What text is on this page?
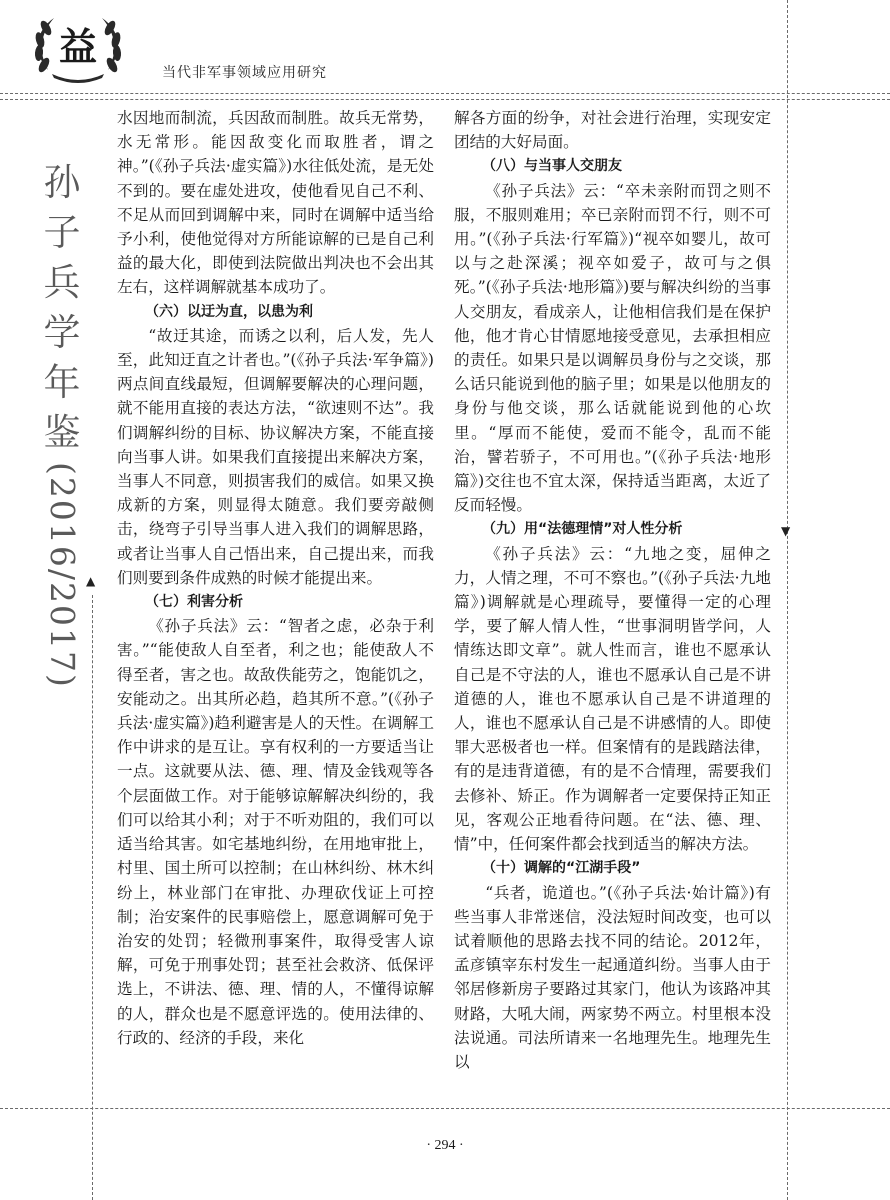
益
当代非军事领域应用研究
孙
子
兵
学
年
鉴
(2016/2017) ▲
▼

水因地而制流，兵因敌而制胜。故兵无常势，水无常形。能因敌变化而取胜者，谓之神。”(《孙子兵法·虚实篇》)水往低处流，是无处不到的。要在虚处进攻，使他看见自己不利、不足从而回到调解中来，同时在调解中适当给予小利，使他觉得对方所能谅解的已是自己利益的最大化，即使到法院做出判决也不会出其左右，这样调解就基本成功了。

（六）以迂为直，以患为利

“故迂其途，而诱之以利，后人发，先人至，此知迂直之计者也。”(《孙子兵法·军争篇》)两点间直线最短，但调解要解决的心理问题，就不能用直接的表达方法，“欲速则不达”。我们调解纠纷的目标、协议解决方案，不能直接向当事人讲。如果我们直接提出来解决方案，当事人不同意，则损害我们的威信。如果又换成新的方案，则显得太随意。我们要旁敲侧击，绕弯子引导当事人进入我们的调解思路，或者让当事人自己悟出来，自己提出来，而我们则要到条件成熟的时候才能提出来。

（七）利害分析

《孙子兵法》云：“智者之虑，必杂于利害。”“能使敌人自至者，利之也；能使敌人不得至者，害之也。故敌佚能劳之，饱能饥之，安能动之。出其所必趋，趋其所不意。”(《孙子兵法·虚实篇》)趋利避害是人的天性。在调解工作中讲求的是互让。享有权利的一方要适当让一点。这就要从法、德、理、情及金钱观等各个层面做工作。对于能够谅解解决纠纷的，我们可以给其小利；对于不听劝阻的，我们可以适当给其害。如宅基地纠纷，在用地审批上，村里、国土所可以控制；在山林纠纷、林木纠纷上，林业部门在审批、办理砍伐证上可控制；治安案件的民事赔偿上，愿意调解可免于治安的处罚；轻微刑事案件，取得受害人谅解，可免于刑事处罚；甚至社会救济、低保评选上，不讲法、德、理、情的人，不懂得谅解的人，群众也是不愿意评选的。使用法律的、行政的、经济的手段，来化

解各方面的纷争，对社会进行治理，实现安定团结的大好局面。

（八）与当事人交朋友

《孙子兵法》云：“卒未亲附而罚之则不服，不服则难用；卒已亲附而罚不行，则不可用。”(《孙子兵法·行军篇》)“视卒如婴儿，故可以与之赴深溪；视卒如爱子，故可与之俱死。”(《孙子兵法·地形篇》)要与解决纠纷的当事人交朋友，看成亲人，让他相信我们是在保护他，他才肯心甘情愿地接受意见，去承担相应的责任。如果只是以调解员身份与之交谈，那么话只能说到他的脑子里；如果是以他朋友的身份与他交谈，那么话就能说到他的心坎里。“厚而不能使，爱而不能令，乱而不能治，譬若骄子，不可用也。”(《孙子兵法·地形篇》)交往也不宜太深，保持适当距离，太近了反而轻慢。

（九）用“法德理情”对人性分析

《孙子兵法》云：“九地之变，屈伸之力，人情之理，不可不察也。”(《孙子兵法·九地篇》)调解就是心理疏导，要懂得一定的心理学，要了解人情人性，“世事洞明皆学问，人情练达即文章”。就人性而言，谁也不愿承认自己是不守法的人，谁也不愿承认自己是不讲道德的人，谁也不愿承认自己是不讲道理的人，谁也不愿承认自己是不讲感情的人。即使罪大恶极者也一样。但案情有的是践踏法律，有的是违背道德，有的是不合情理，需要我们去修补、矫正。作为调解者一定要保持正知正见，客观公正地看待问题。在“法、德、理、情”中，任何案件都会找到适当的解决方法。

（十）调解的“江湖手段”

“兵者，诡道也。”(《孙子兵法·始计篇》)有些当事人非常迷信，没法短时间改变，也可以试着顺他的思路去找不同的结论。2012年，孟彦镇宰东村发生一起通道纠纷。当事人由于邻居修新房子要路过其家门，他认为该路冲其财路，大吼大闹，两家势不两立。村里根本没法说通。司法所请来一名地理先生。地理先生以

· 294 ·
